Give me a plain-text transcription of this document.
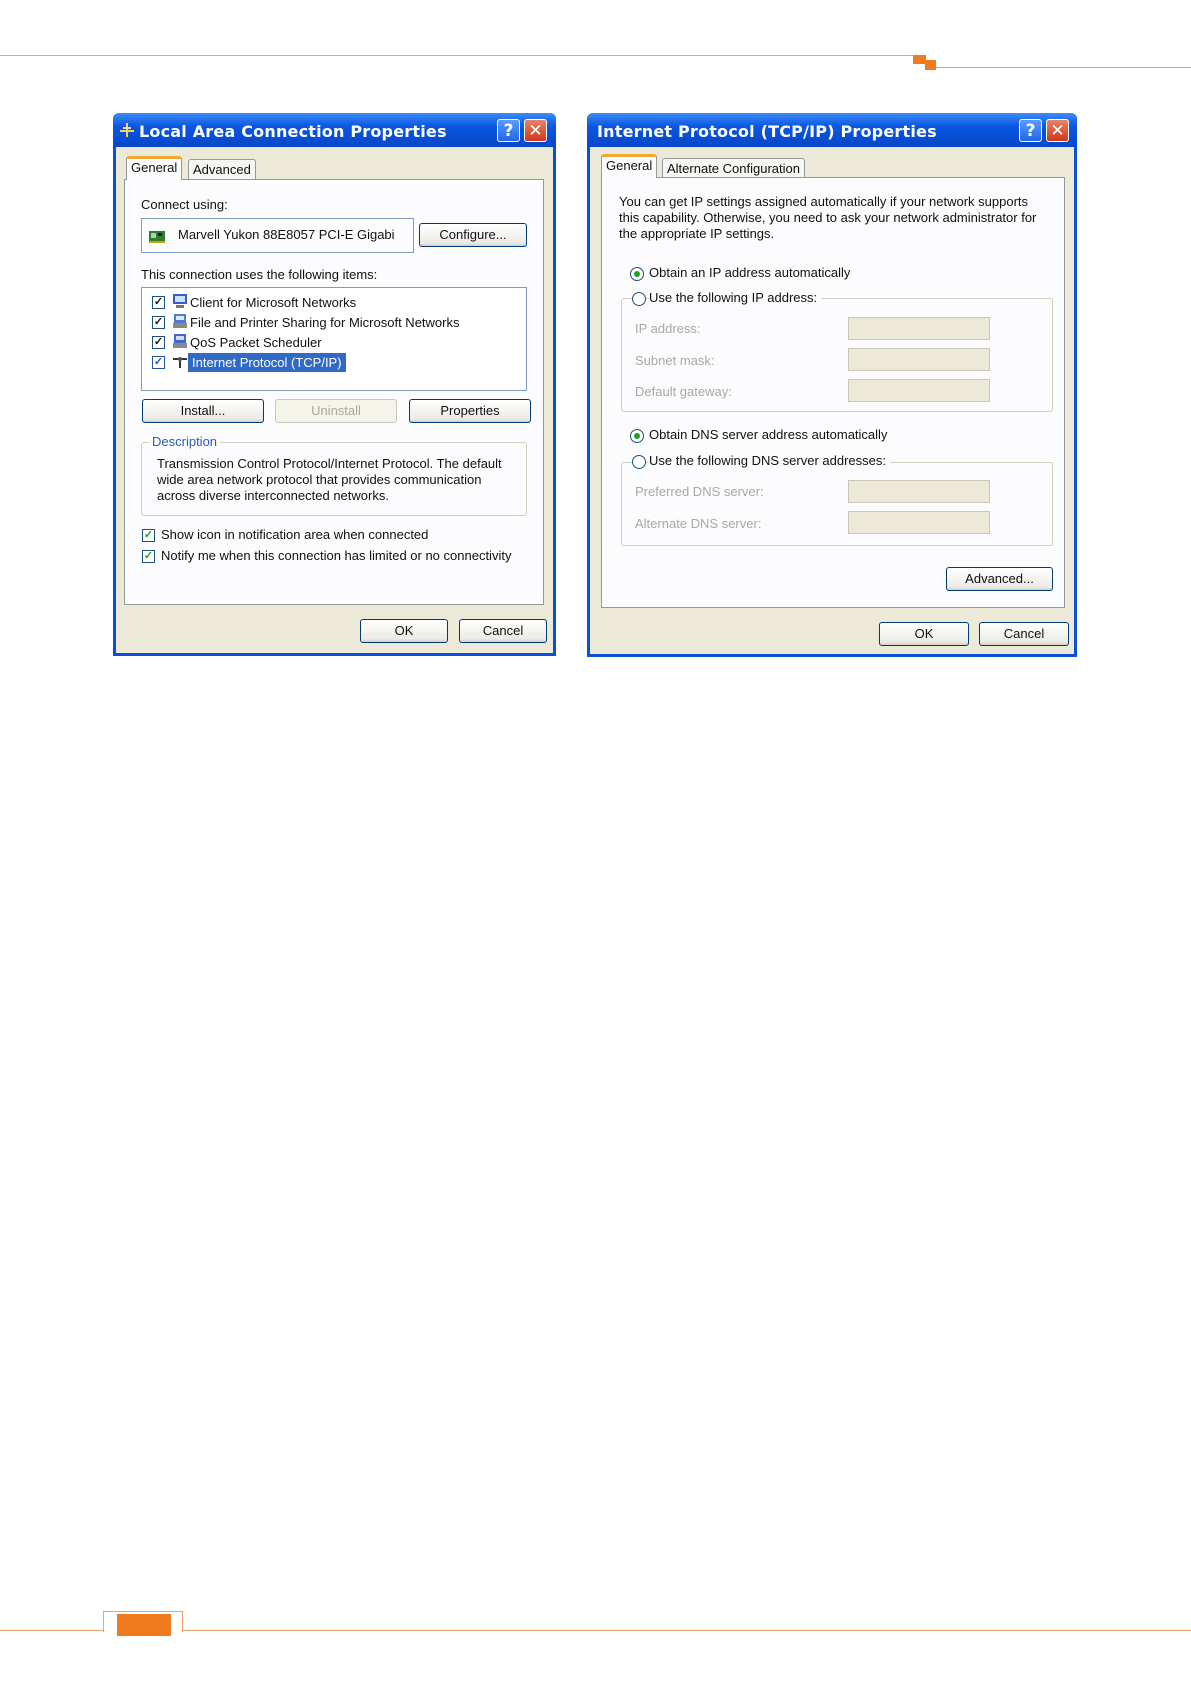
Local Area Connection Properties	? ✕
General	Advanced
Connect using:
Marvell Yukon 88E8057 PCI-E Gigabi	Configure...
This connection uses the following items:
✓ Client for Microsoft Networks
✓ File and Printer Sharing for Microsoft Networks
✓ QoS Packet Scheduler
✓	Internet Protocol (TCP/IP)
Install...	Uninstall	Properties
Description
Transmission Control Protocol/Internet Protocol. The default
wide area network protocol that provides communication
across diverse interconnected networks.
✓ Show icon in notification area when connected
✓ Notify me when this connection has limited or no connectivity
OK	Cancel
Internet Protocol (TCP/IP) Properties	? ✕
General	Alternate Configuration
You can get IP settings assigned automatically if your network supports
this capability. Otherwise, you need to ask your network administrator for
the appropriate IP settings.
Obtain an IP address automatically
Use the following IP address:
IP address:
Subnet mask:
Default gateway:
Obtain DNS server address automatically
Use the following DNS server addresses:
Preferred DNS server:
Alternate DNS server:
Advanced...
OK	Cancel
